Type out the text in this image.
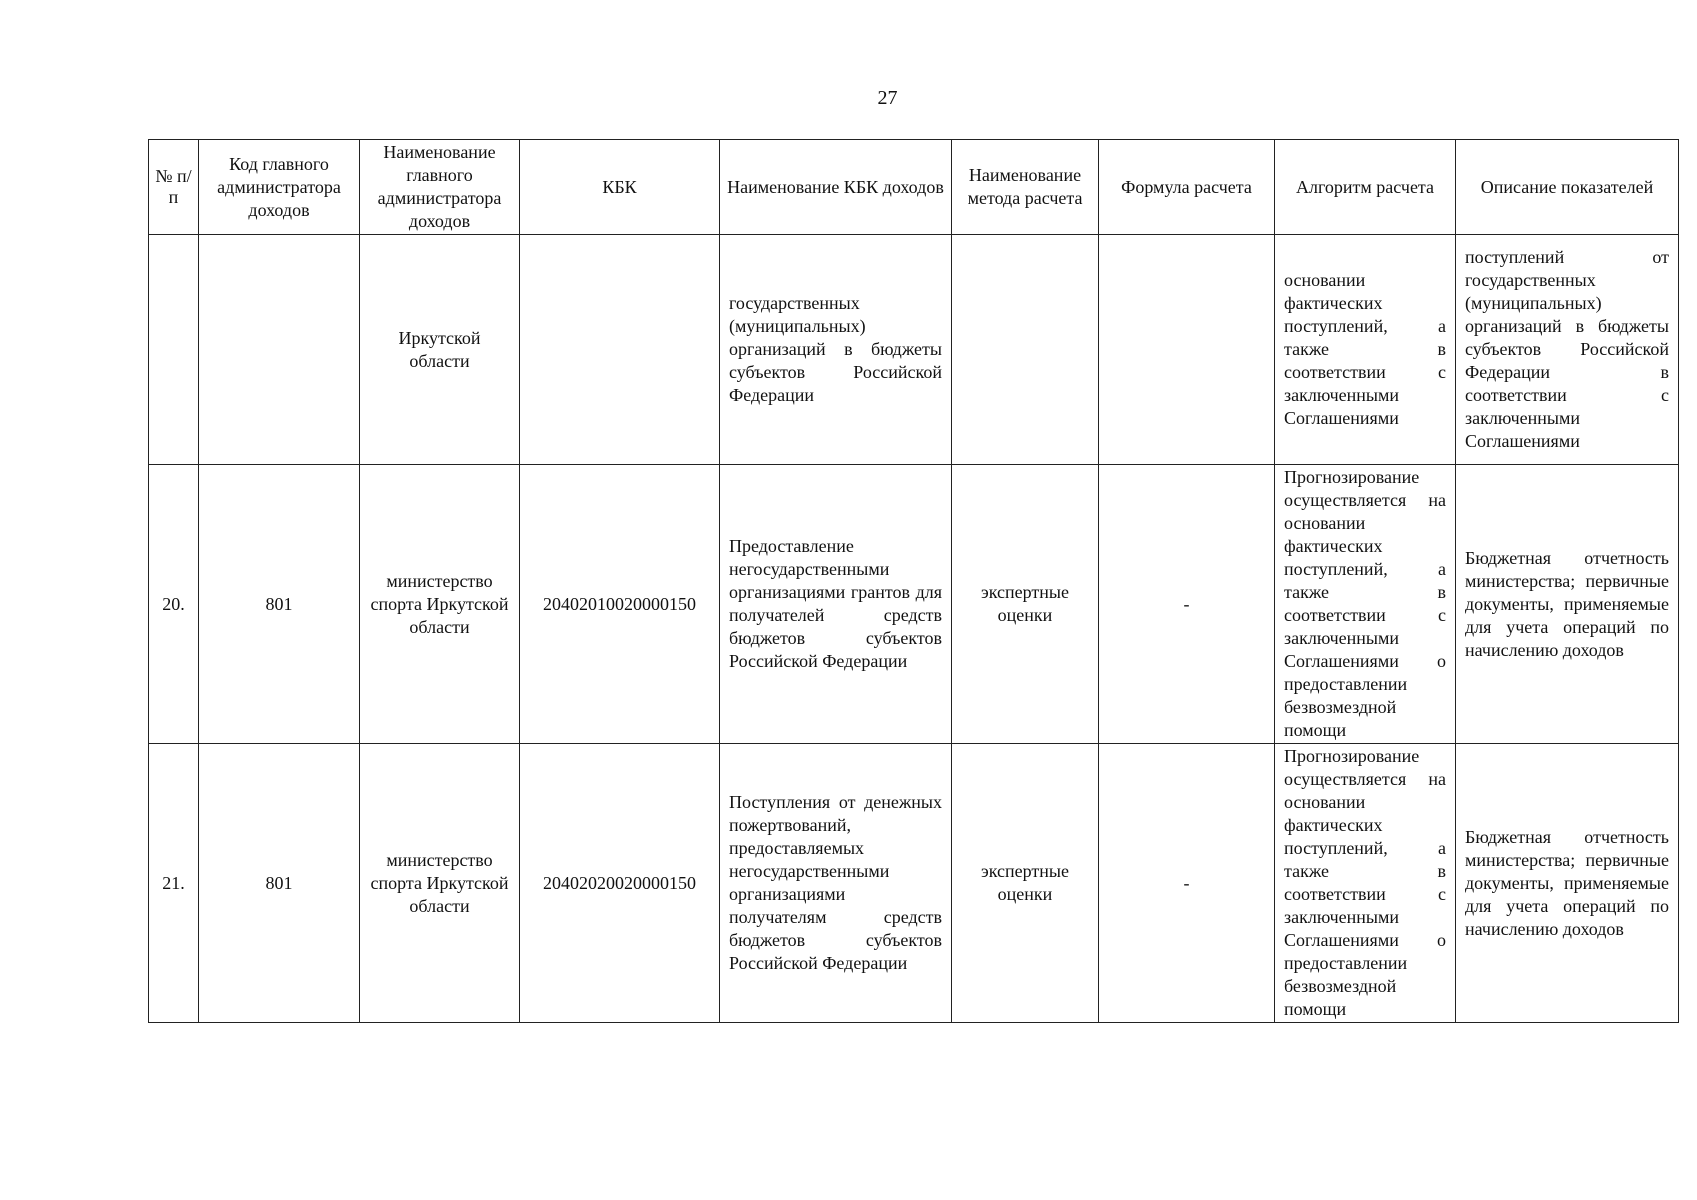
27
№ п/п	Код главного администратора доходов	Наименование главного администратора доходов	КБК	Наименование КБК доходов	Наименование метода расчета	Формула расчета	Алгоритм расчета	Описание показателей
		Иркутской области		государственных (муниципальных) организаций в бюджеты субъектов Российской Федерации			основании фактических поступлений, а также в соответствии с заключенными Соглашениями	поступлений от государственных (муниципальных) организаций в бюджеты субъектов Российской Федерации в соответствии с заключенными Соглашениями
20.	801	министерство спорта Иркутской области	20402010020000150	Предоставление негосударственными организациями грантов для получателей средств бюджетов субъектов Российской Федерации	экспертные оценки	-	Прогнозирование осуществляется на основании фактических поступлений, а также в соответствии с заключенными Соглашениями о предоставлении безвозмездной помощи	Бюджетная отчетность министерства; первичные документы, применяемые для учета операций по начислению доходов
21.	801	министерство спорта Иркутской области	20402020020000150	Поступления от денежных пожертвований, предоставляемых негосударственными организациями получателям средств бюджетов субъектов Российской Федерации	экспертные оценки	-	Прогнозирование осуществляется на основании фактических поступлений, а также в соответствии с заключенными Соглашениями о предоставлении безвозмездной помощи	Бюджетная отчетность министерства; первичные документы, применяемые для учета операций по начислению доходов
